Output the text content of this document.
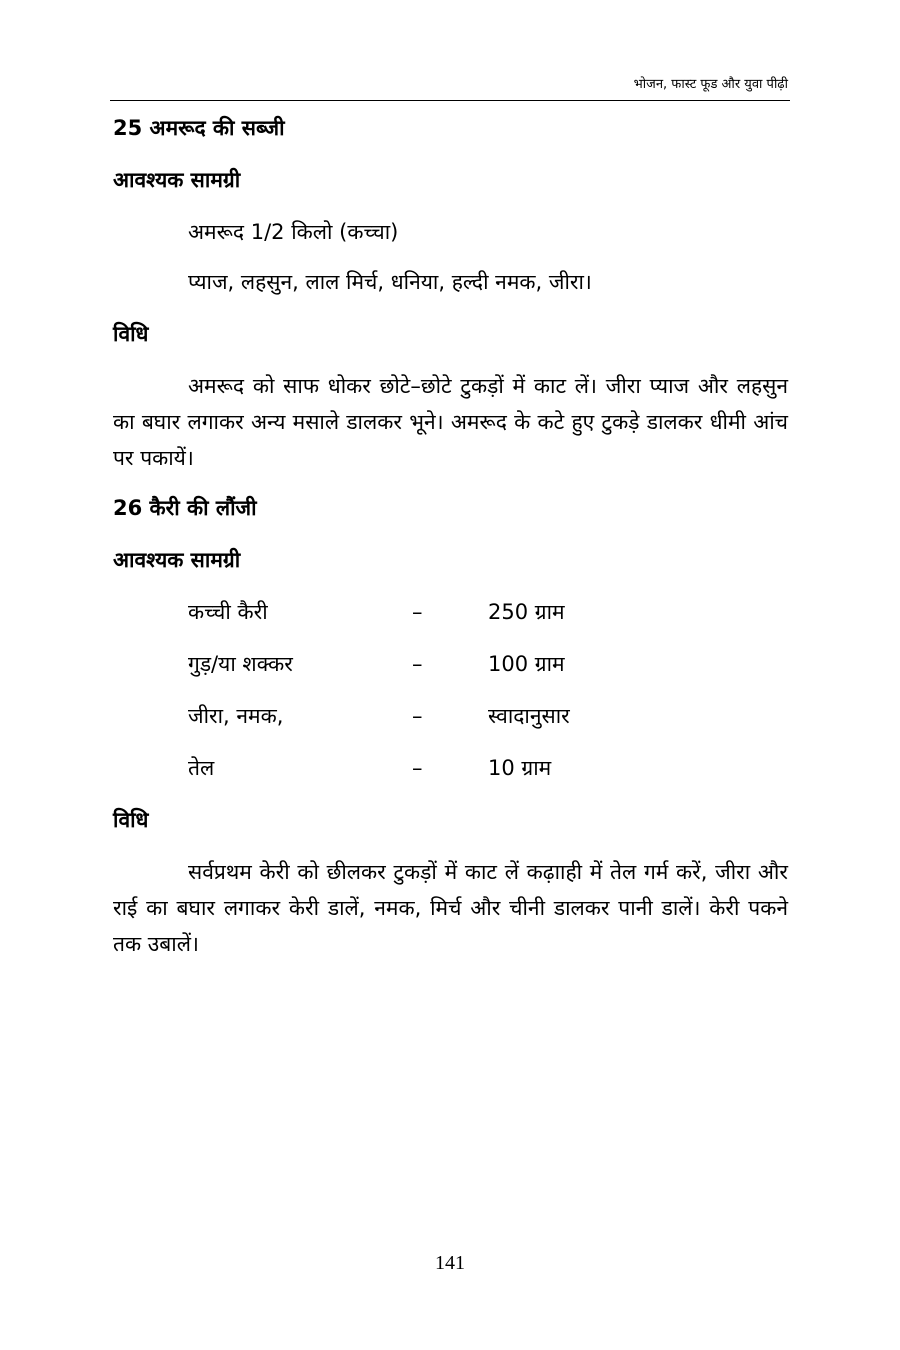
भोजन, फास्ट फूड और युवा पीढ़ी
25 अमरूद की सब्जी
आवश्यक सामग्री
अमरूद 1/2 किलो (कच्चा)
प्याज, लहसुन, लाल मिर्च, धनिया, हल्दी नमक, जीरा।
विधि

अमरूद को साफ धोकर छोटे–छोटे टुकड़ों में काट लें। जीरा प्याज और लहसुन का बघार लगाकर अन्य मसाले डालकर भूने। अमरूद के कटे हुए टुकड़े डालकर धीमी आंच पर पकायें।

26 कैरी की लौंजी
आवश्यक सामग्री
कच्ची कैरी	–	250 ग्राम
गुड़/या शक्कर	–	100 ग्राम
जीरा, नमक,	–	स्वादानुसार
तेल	–	10 ग्राम
विधि

सर्वप्रथम केरी को छीलकर टुकड़ों में काट लें कढ़ााही में तेल गर्म करें, जीरा और राई का बघार लगाकर केरी डालें, नमक, मिर्च और चीनी डालकर पानी डालें। केरी पकने तक उबालें।

141
